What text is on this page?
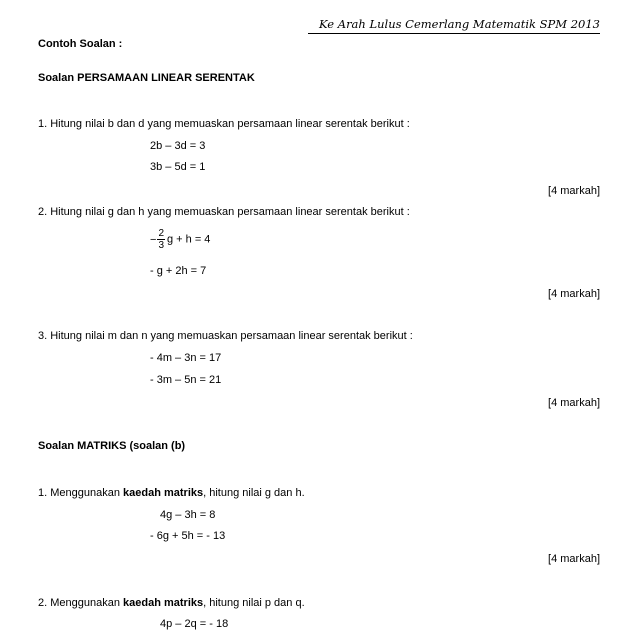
Ke Arah Lulus Cemerlang Matematik SPM 2013
Contoh Soalan :
Soalan PERSAMAAN LINEAR SERENTAK
1. Hitung nilai b dan d yang memuaskan persamaan linear serentak berikut :
2b – 3d = 3
3b – 5d = 1
[4 markah]
2. Hitung nilai g dan h yang memuaskan persamaan linear serentak berikut :
− $\frac{2}{3}$ g + h = 4
- g + 2h = 7
[4 markah]
3. Hitung nilai m dan n yang memuaskan persamaan linear serentak berikut :
- 4m – 3n = 17
- 3m – 5n = 21
[4 markah]
Soalan MATRIKS (soalan (b)
1. Menggunakan kaedah matriks, hitung nilai g dan h.
4g – 3h = 8
- 6g + 5h = - 13
[4 markah]
2. Menggunakan kaedah matriks, hitung nilai p dan q.
4p – 2q = - 18
